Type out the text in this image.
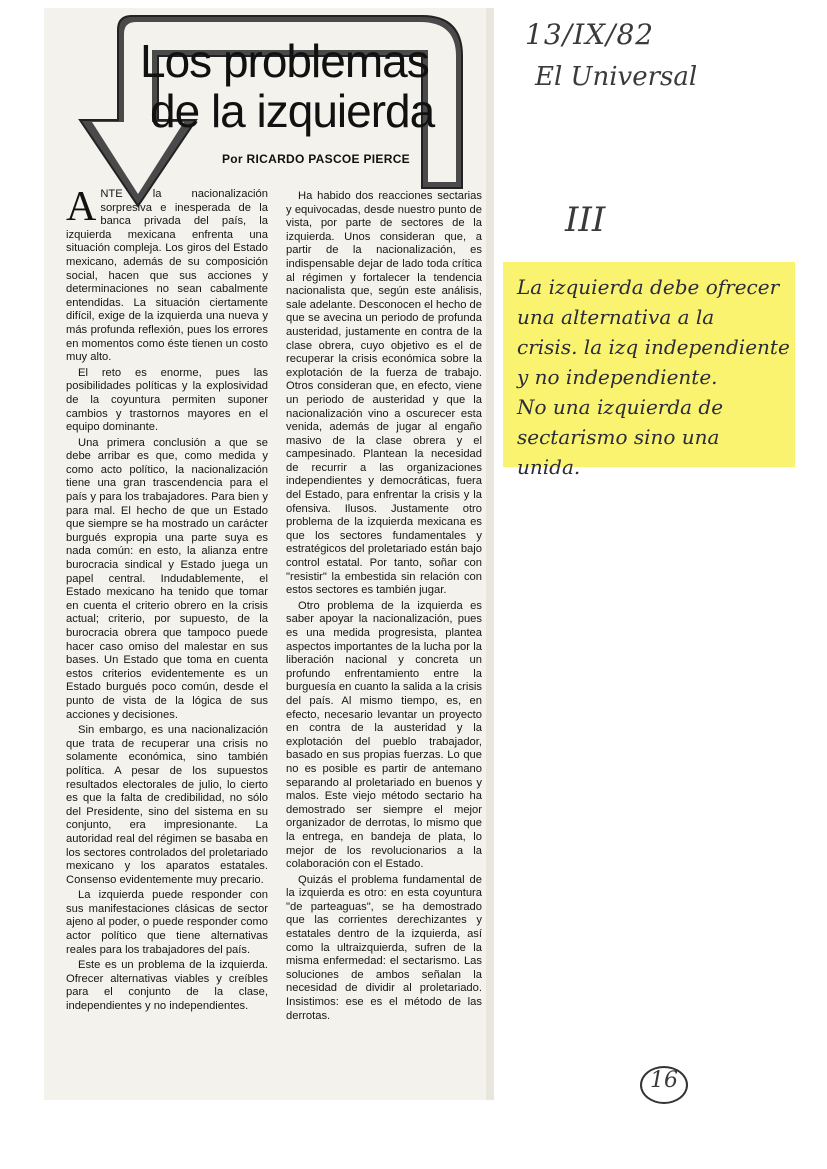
Los problemas
de la izquierda
Por RICARDO PASCOE PIERCE

ANTE la nacionalización sorpresiva e inesperada de la banca privada del país, la izquierda mexicana enfrenta una situación compleja. Los giros del Estado mexicano, además de su composición social, hacen que sus acciones y determinaciones no sean cabalmente entendidas. La situación ciertamente difícil, exige de la izquierda una nueva y más profunda reflexión, pues los errores en momentos como éste tienen un costo muy alto.

El reto es enorme, pues las posibilidades políticas y la explosividad de la coyuntura permiten suponer cambios y trastornos mayores en el equipo dominante.

Una primera conclusión a que se debe arribar es que, como medida y como acto político, la nacionalización tiene una gran trascendencia para el país y para los trabajadores. Para bien y para mal. El hecho de que un Estado que siempre se ha mostrado un carácter burgués expropia una parte suya es nada común: en esto, la alianza entre burocracia sindical y Estado juega un papel central. Indudablemente, el Estado mexicano ha tenido que tomar en cuenta el criterio obrero en la crisis actual; criterio, por supuesto, de la burocracia obrera que tampoco puede hacer caso omiso del malestar en sus bases. Un Estado que toma en cuenta estos criterios evidentemente es un Estado burgués poco común, desde el punto de vista de la lógica de sus acciones y decisiones.

Sin embargo, es una nacionalización que trata de recuperar una crisis no solamente económica, sino también política. A pesar de los supuestos resultados electorales de julio, lo cierto es que la falta de credibilidad, no sólo del Presidente, sino del sistema en su conjunto, era impresionante. La autoridad real del régimen se basaba en los sectores controlados del proletariado mexicano y los aparatos estatales. Consenso evidentemente muy precario.

La izquierda puede responder con sus manifestaciones clásicas de sector ajeno al poder, o puede responder como actor político que tiene alternativas reales para los trabajadores del país.

Este es un problema de la izquierda. Ofrecer alternativas viables y creíbles para el conjunto de la clase, independientes y no independientes.

Ha habido dos reacciones sectarias y equivocadas, desde nuestro punto de vista, por parte de sectores de la izquierda. Unos consideran que, a partir de la nacionalización, es indispensable dejar de lado toda crítica al régimen y fortalecer la tendencia nacionalista que, según este análisis, sale adelante. Desconocen el hecho de que se avecina un periodo de profunda austeridad, justamente en contra de la clase obrera, cuyo objetivo es el de recuperar la crisis económica sobre la explotación de la fuerza de trabajo. Otros consideran que, en efecto, viene un periodo de austeridad y que la nacionalización vino a oscurecer esta venida, además de jugar al engaño masivo de la clase obrera y el campesinado. Plantean la necesidad de recurrir a las organizaciones independientes y democráticas, fuera del Estado, para enfrentar la crisis y la ofensiva. Ilusos. Justamente otro problema de la izquierda mexicana es que los sectores fundamentales y estratégicos del proletariado están bajo control estatal. Por tanto, soñar con "resistir" la embestida sin relación con estos sectores es también jugar.

Otro problema de la izquierda es saber apoyar la nacionalización, pues es una medida progresista, plantea aspectos importantes de la lucha por la liberación nacional y concreta un profundo enfrentamiento entre la burguesía en cuanto la salida a la crisis del país. Al mismo tiempo, es, en efecto, necesario levantar un proyecto en contra de la austeridad y la explotación del pueblo trabajador, basado en sus propias fuerzas. Lo que no es posible es partir de antemano separando al proletariado en buenos y malos. Este viejo método sectario ha demostrado ser siempre el mejor organizador de derrotas, lo mismo que la entrega, en bandeja de plata, lo mejor de los revolucionarios a la colaboración con el Estado.

Quizás el problema fundamental de la izquierda es otro: en esta coyuntura "de parteaguas", se ha demostrado que las corrientes derechizantes y estatales dentro de la izquierda, así como la ultraizquierda, sufren de la misma enfermedad: el sectarismo. Las soluciones de ambos señalan la necesidad de dividir al proletariado. Insistimos: ese es el método de las derrotas.

13/IX/82
El Universal
III

La izquierda debe ofrecer
una alternativa a la
crisis. la izq independiente
y no independiente.
No una izquierda de
sectarismo sino una
unida.

16
